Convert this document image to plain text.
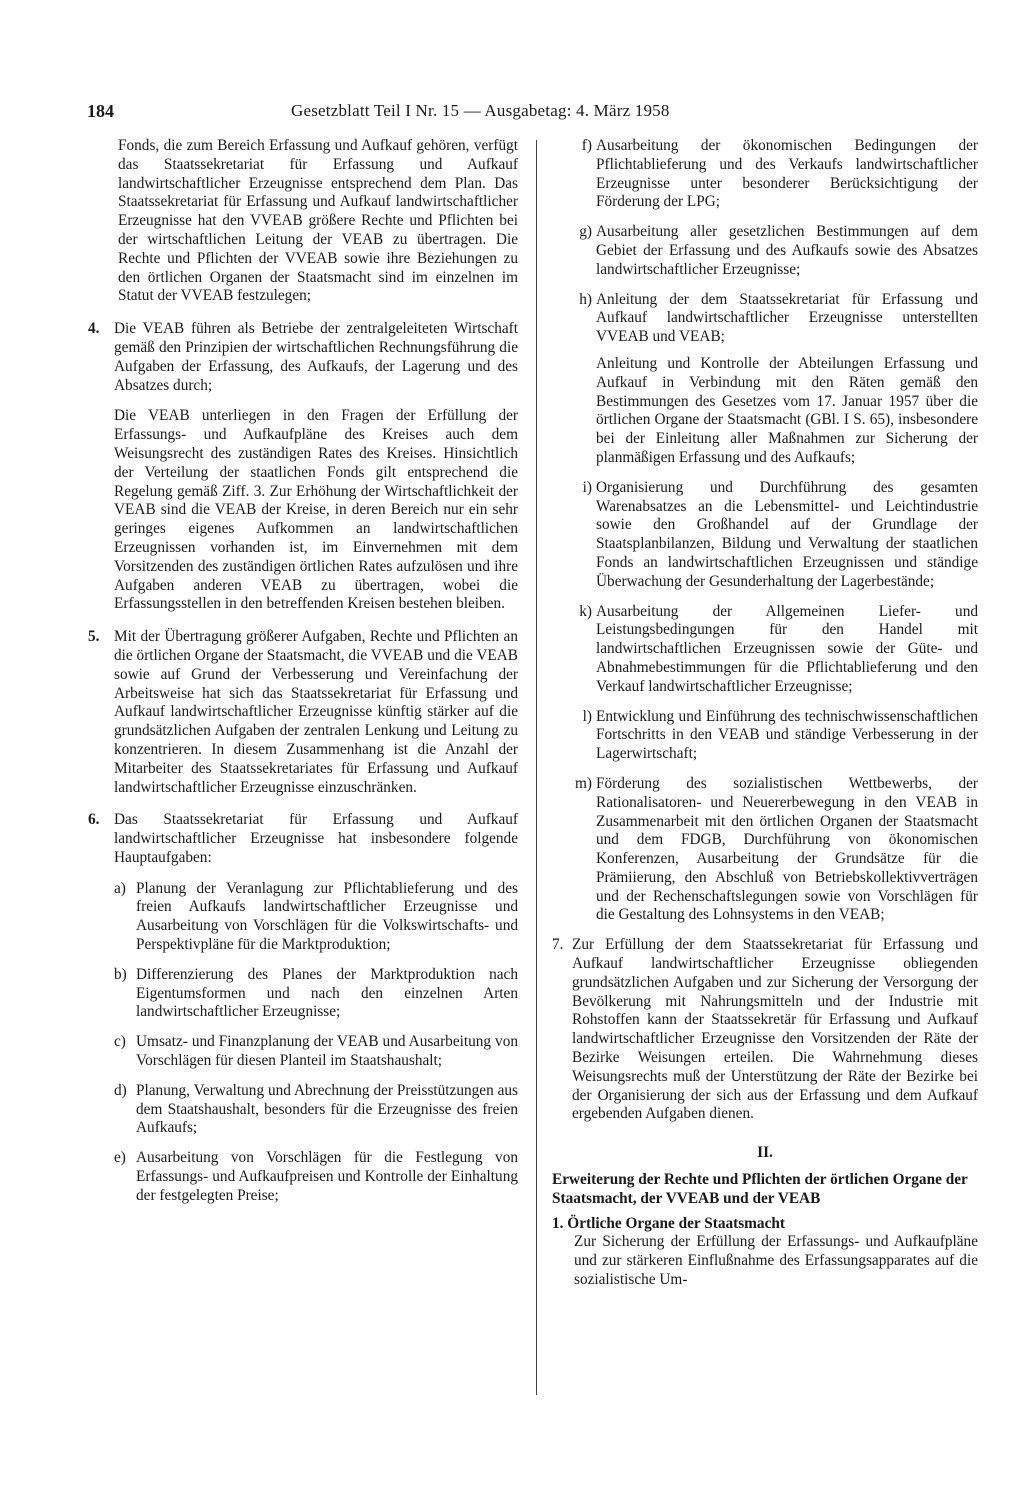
184	Gesetzblatt Teil I Nr. 15 — Ausgabetag: 4. März 1958

Fonds, die zum Bereich Erfassung und Aufkauf gehören, verfügt das Staatssekretariat für Erfassung und Aufkauf landwirtschaftlicher Erzeugnisse entsprechend dem Plan. Das Staatssekretariat für Erfassung und Aufkauf landwirtschaftlicher Erzeugnisse hat den VVEAB größere Rechte und Pflichten bei der wirtschaftlichen Leitung der VEAB zu übertragen. Die Rechte und Pflichten der VVEAB sowie ihre Beziehungen zu den örtlichen Organen der Staatsmacht sind im einzelnen im Statut der VVEAB festzulegen;

4. Die VEAB führen als Betriebe der zentralgeleiteten Wirtschaft gemäß den Prinzipien der wirtschaftlichen Rechnungsführung die Aufgaben der Erfassung, des Aufkaufs, der Lagerung und des Absatzes durch;
Die VEAB unterliegen in den Fragen der Erfüllung der Erfassungs- und Aufkaufpläne des Kreises auch dem Weisungsrecht des zuständigen Rates des Kreises. Hinsichtlich der Verteilung der staatlichen Fonds gilt entsprechend die Regelung gemäß Ziff. 3. Zur Erhöhung der Wirtschaftlichkeit der VEAB sind die VEAB der Kreise, in deren Bereich nur ein sehr geringes eigenes Aufkommen an landwirtschaftlichen Erzeugnissen vorhanden ist, im Einvernehmen mit dem Vorsitzenden des zuständigen örtlichen Rates aufzulösen und ihre Aufgaben anderen VEAB zu übertragen, wobei die Erfassungsstellen in den betreffenden Kreisen bestehen bleiben.
5. Mit der Übertragung größerer Aufgaben, Rechte und Pflichten an die örtlichen Organe der Staatsmacht, die VVEAB und die VEAB sowie auf Grund der Verbesserung und Vereinfachung der Arbeitsweise hat sich das Staatssekretariat für Erfassung und Aufkauf landwirtschaftlicher Erzeugnisse künftig stärker auf die grundsätzlichen Aufgaben der zentralen Lenkung und Leitung zu konzentrieren. In diesem Zusammenhang ist die Anzahl der Mitarbeiter des Staatssekretariates für Erfassung und Aufkauf landwirtschaftlicher Erzeugnisse einzuschränken.
6. Das Staatssekretariat für Erfassung und Aufkauf landwirtschaftlicher Erzeugnisse hat insbesondere folgende Hauptaufgaben:
a) Planung der Veranlagung zur Pflichtablieferung und des freien Aufkaufs landwirtschaftlicher Erzeugnisse und Ausarbeitung von Vorschlägen für die Volkswirtschafts- und Perspektivpläne für die Marktproduktion;
b) Differenzierung des Planes der Marktproduktion nach Eigentumsformen und nach den einzelnen Arten landwirtschaftlicher Erzeugnisse;
c) Umsatz- und Finanzplanung der VEAB und Ausarbeitung von Vorschlägen für diesen Planteil im Staatshaushalt;
d) Planung, Verwaltung und Abrechnung der Preisstützungen aus dem Staatshaushalt, besonders für die Erzeugnisse des freien Aufkaufs;
e) Ausarbeitung von Vorschlägen für die Festlegung von Erfassungs- und Aufkaufpreisen und Kontrolle der Einhaltung der festgelegten Preise;
f) Ausarbeitung der ökonomischen Bedingungen der Pflichtablieferung und des Verkaufs landwirtschaftlicher Erzeugnisse unter besonderer Berücksichtigung der Förderung der LPG;
g) Ausarbeitung aller gesetzlichen Bestimmungen auf dem Gebiet der Erfassung und des Aufkaufs sowie des Absatzes landwirtschaftlicher Erzeugnisse;
h) Anleitung der dem Staatssekretariat für Erfassung und Aufkauf landwirtschaftlicher Erzeugnisse unterstellten VVEAB und VEAB;
Anleitung und Kontrolle der Abteilungen Erfassung und Aufkauf in Verbindung mit den Räten gemäß den Bestimmungen des Gesetzes vom 17. Januar 1957 über die örtlichen Organe der Staatsmacht (GBl. I S. 65), insbesondere bei der Einleitung aller Maßnahmen zur Sicherung der planmäßigen Erfassung und des Aufkaufs;
i) Organisierung und Durchführung des gesamten Warenabsatzes an die Lebensmittel- und Leichtindustrie sowie den Großhandel auf der Grundlage der Staatsplanbilanzen, Bildung und Verwaltung der staatlichen Fonds an landwirtschaftlichen Erzeugnissen und ständige Überwachung der Gesunderhaltung der Lagerbestände;
k) Ausarbeitung der Allgemeinen Liefer- und Leistungsbedingungen für den Handel mit landwirtschaftlichen Erzeugnissen sowie der Güte- und Abnahmebestimmungen für die Pflichtablieferung und den Verkauf landwirtschaftlicher Erzeugnisse;
l) Entwicklung und Einführung des technischwissenschaftlichen Fortschritts in den VEAB und ständige Verbesserung in der Lagerwirtschaft;
m) Förderung des sozialistischen Wettbewerbs, der Rationalisatoren- und Neuererbewegung in den VEAB in Zusammenarbeit mit den örtlichen Organen der Staatsmacht und dem FDGB, Durchführung von ökonomischen Konferenzen, Ausarbeitung der Grundsätze für die Prämiierung, den Abschluß von Betriebskollektivverträgen und der Rechenschaftslegungen sowie von Vorschlägen für die Gestaltung des Lohnsystems in den VEAB;
7. Zur Erfüllung der dem Staatssekretariat für Erfassung und Aufkauf landwirtschaftlicher Erzeugnisse obliegenden grundsätzlichen Aufgaben und zur Sicherung der Versorgung der Bevölkerung mit Nahrungsmitteln und der Industrie mit Rohstoffen kann der Staatssekretär für Erfassung und Aufkauf landwirtschaftlicher Erzeugnisse den Vorsitzenden der Räte der Bezirke Weisungen erteilen. Die Wahrnehmung dieses Weisungsrechts muß der Unterstützung der Räte der Bezirke bei der Organisierung der sich aus der Erfassung und dem Aufkauf ergebenden Aufgaben dienen.
II.
Erweiterung der Rechte und Pflichten der örtlichen Organe der Staatsmacht, der VVEAB und der VEAB
1. Örtliche Organe der Staatsmacht
Zur Sicherung der Erfüllung der Erfassungs- und Aufkaufpläne und zur stärkeren Einflußnahme des Erfassungsapparates auf die sozialistische Um-
